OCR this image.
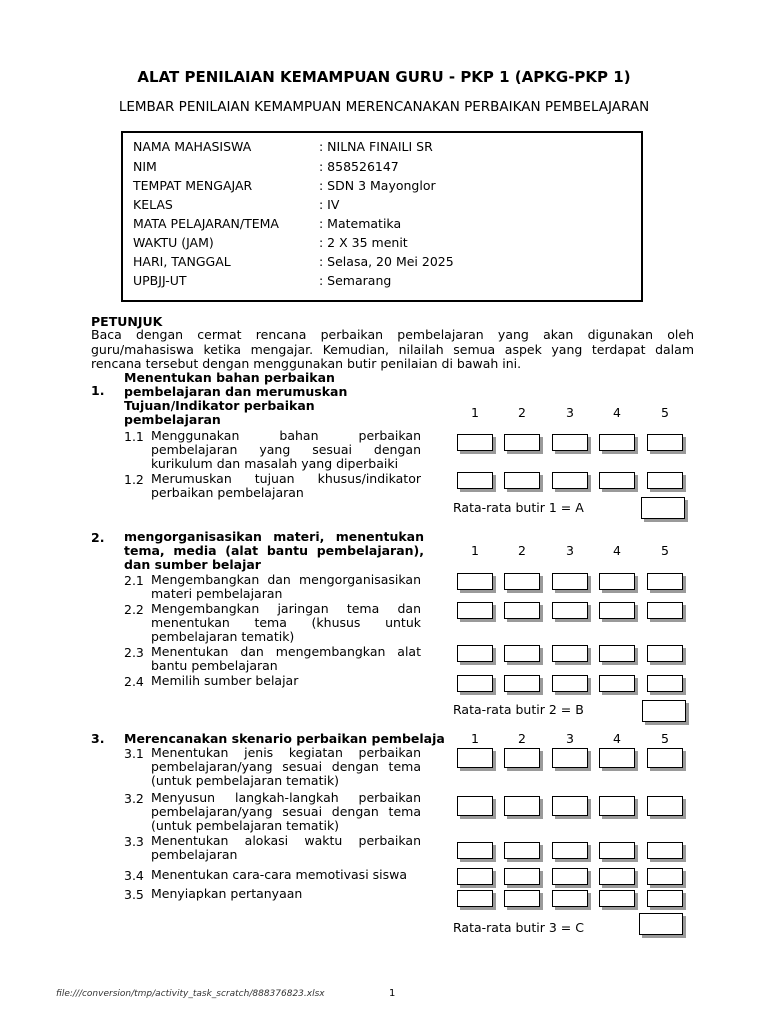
ALAT PENILAIAN KEMAMPUAN GURU - PKP 1 (APKG-PKP 1)
LEMBAR PENILAIAN KEMAMPUAN MERENCANAKAN PERBAIKAN PEMBELAJARAN
NAMA MAHASISWA	: NILNA FINAILI SR
NIM	: 858526147
TEMPAT MENGAJAR	: SDN 3 Mayonglor
KELAS	: IV
MATA PELAJARAN/TEMA	: Matematika
WAKTU (JAM)	: 2 X 35 menit
HARI, TANGGAL	: Selasa, 20 Mei 2025
UPBJJ-UT	: Semarang
PETUNJUK
Baca dengan cermat rencana perbaikan pembelajaran yang akan digunakan oleh guru/mahasiswa ketika mengajar. Kemudian, nilailah semua aspek yang terdapat dalam rencana tersebut dengan menggunakan butir penilaian di bawah ini.
1.
Menentukan bahan perbaikan pembelajaran dan merumuskan Tujuan/Indikator perbaikan pembelajaran	1	2	3	4	5
1.1 Menggunakan bahan perbaikan pembelajaran yang sesuai dengan kurikulum dan masalah yang diperbaiki
1.2 Merumuskan tujuan khusus/indikator perbaikan pembelajaran
Rata-rata butir 1 = A
2. mengorganisasikan materi, menentukan tema, media (alat bantu pembelajaran), dan sumber belajar
1	2	3	4	5
2.1 Mengembangkan dan mengorganisasikan materi pembelajaran
2.2 Mengembangkan jaringan tema dan menentukan tema (khusus untuk pembelajaran tematik)
2.3 Menentukan dan mengembangkan alat bantu pembelajaran
2.4 Memilih sumber belajar
Rata-rata butir 2 = B
3. Merencanakan skenario perbaikan pembelaja	1	2	3	4	5
3.1 Menentukan jenis kegiatan perbaikan pembelajaran/yang sesuai dengan tema (untuk pembelajaran tematik)
3.2 Menyusun langkah-langkah perbaikan pembelajaran/yang sesuai dengan tema (untuk pembelajaran tematik)
3.3 Menentukan alokasi waktu perbaikan pembelajaran
3.4 Menentukan cara-cara memotivasi siswa
3.5 Menyiapkan pertanyaan
Rata-rata butir 3 = C
file:///conversion/tmp/activity_task_scratch/888376823.xlsx	1
